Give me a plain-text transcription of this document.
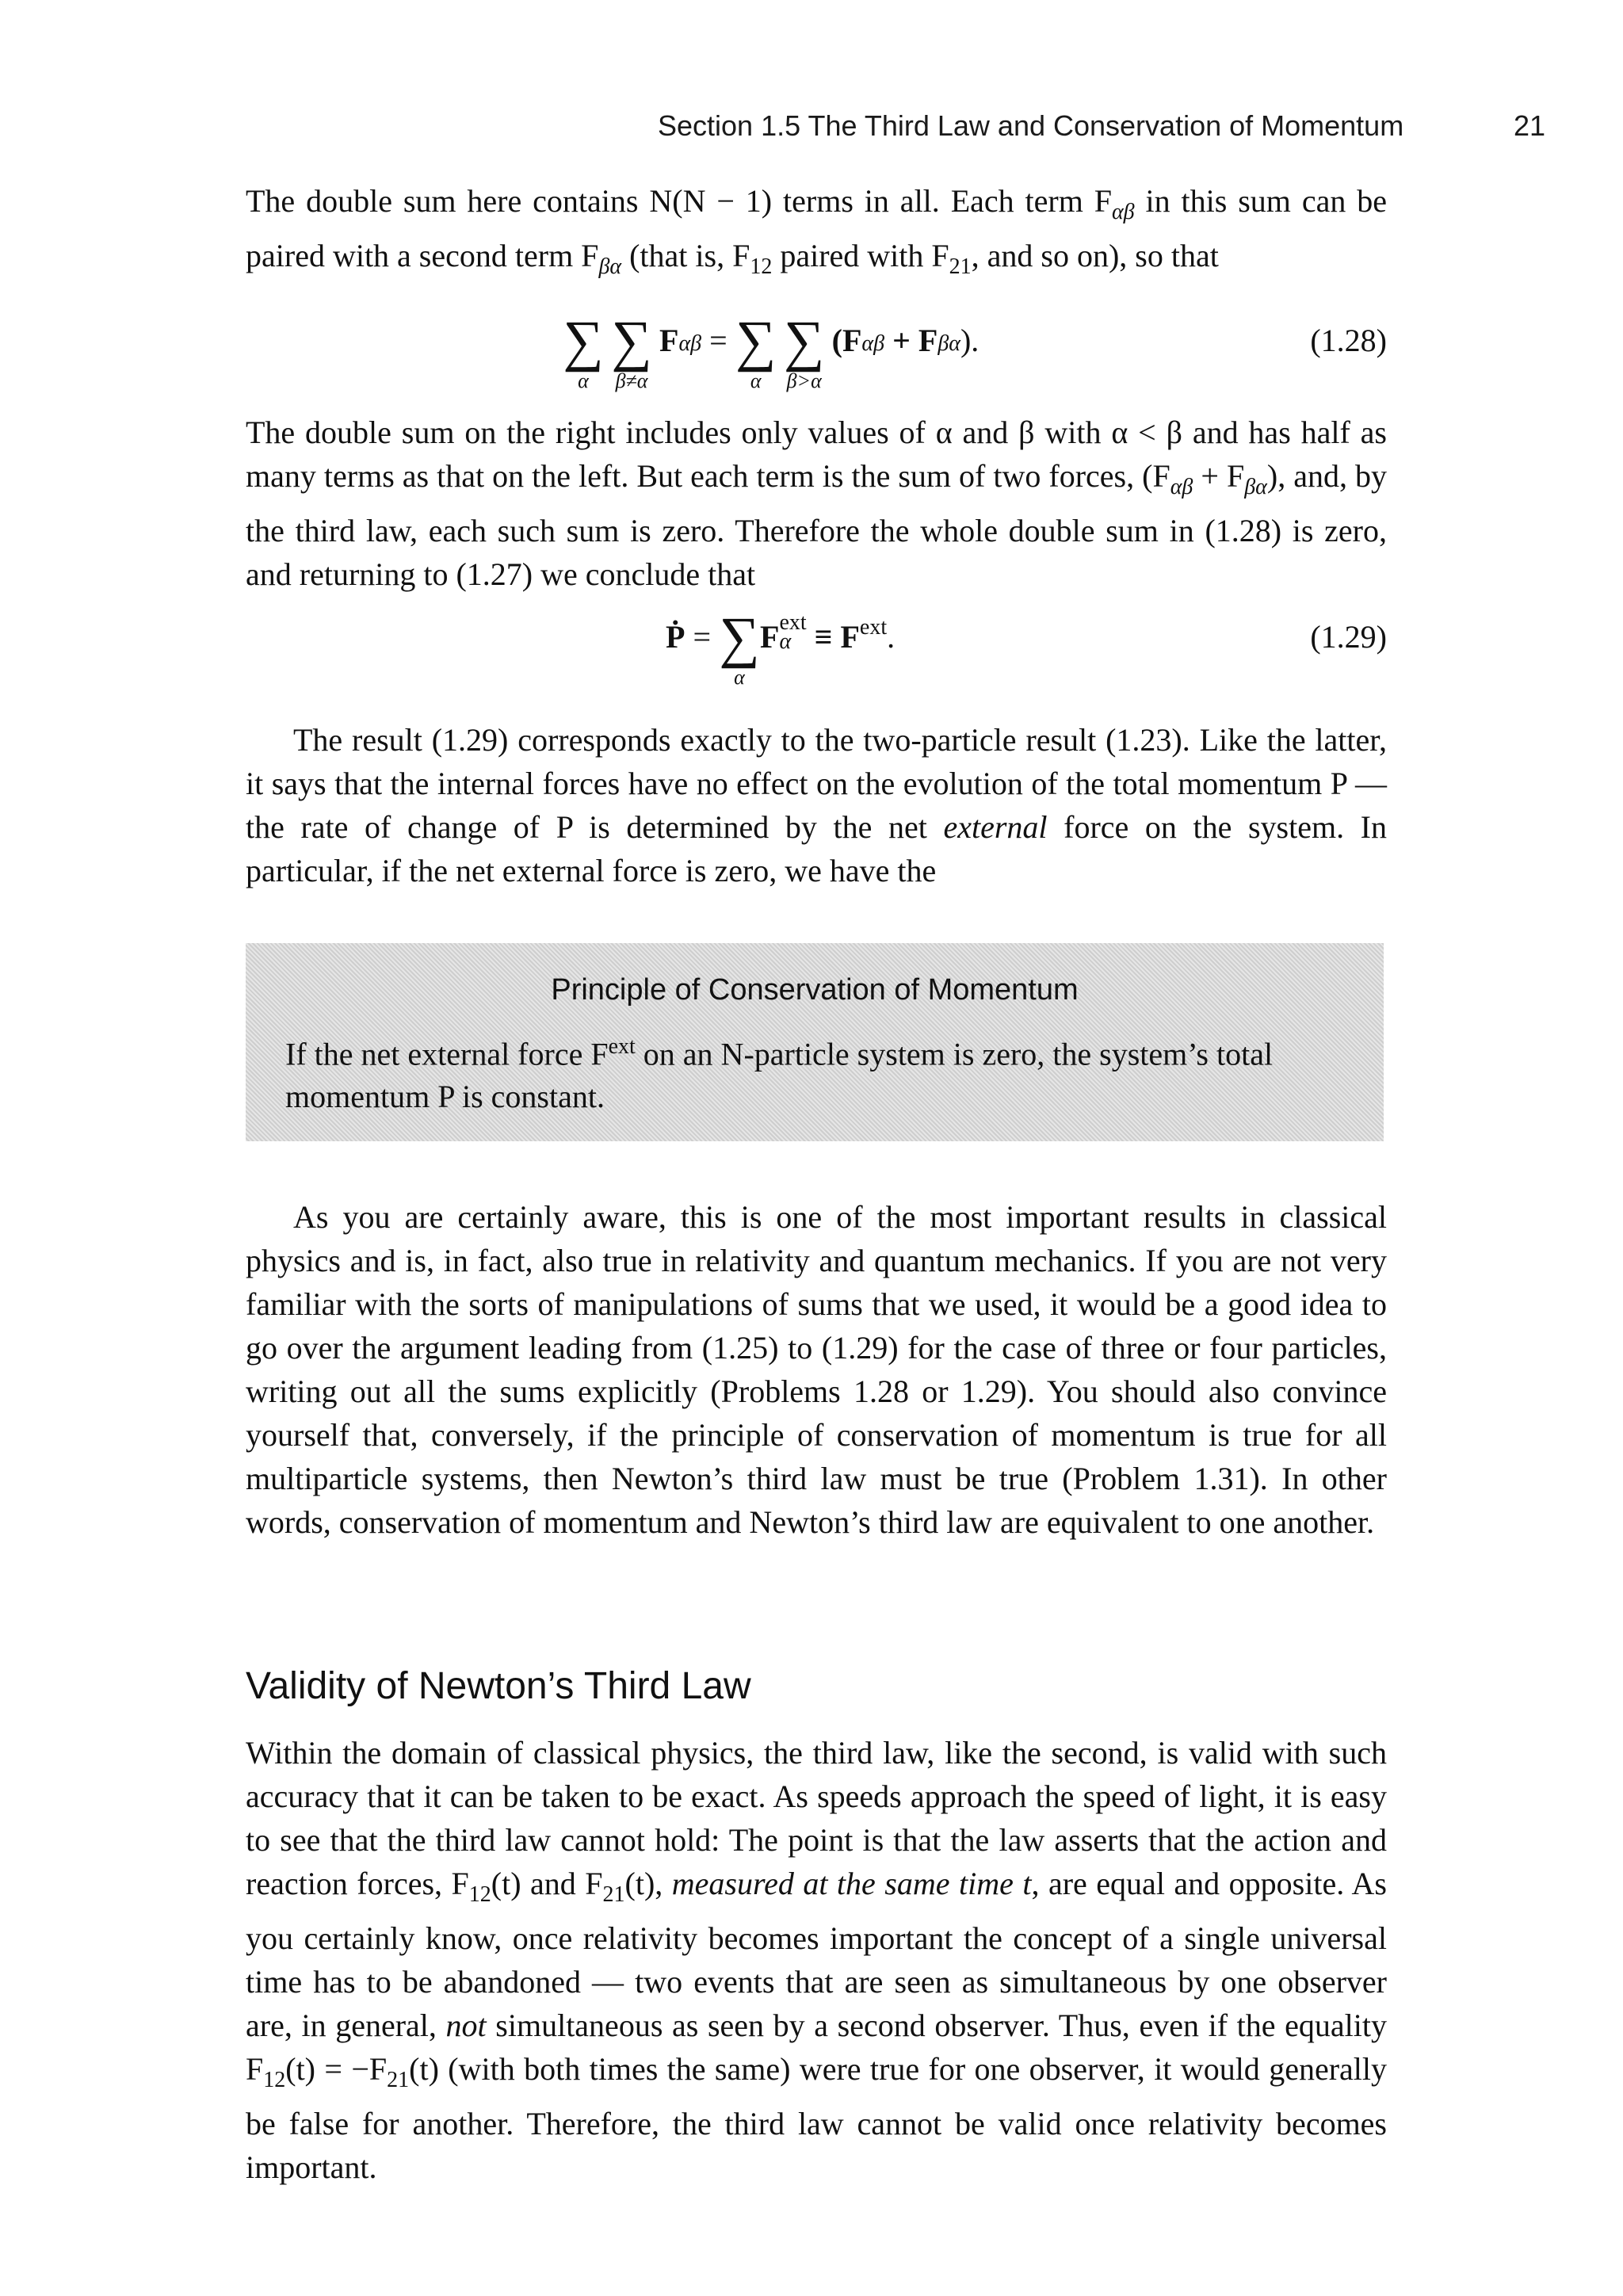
Section 1.5 The Third Law and Conservation of Momentum	21

The double sum here contains N(N − 1) terms in all. Each term $F_{\alpha\beta}$ in this sum can be paired with a second term $F_{\beta\alpha}$ (that is, $F_{12}$ paired with $F_{21}$, and so on), so that

∑
α
∑
β≠α
$F_{\alpha\beta}$ = ∑
α
∑
β>α
$(F_{\alpha\beta} + F_{\beta\alpha})$.	(1.28)

The double sum on the right includes only values of α and β with α < β and has half as many terms as that on the left. But each term is the sum of two forces, $(F_{\alpha\beta} + F_{\beta\alpha})$, and, by the third law, each such sum is zero. Therefore the whole double sum in (1.28) is zero, and returning to (1.27) we conclude that

Ṗ = ∑
α
F ext
$\alpha \equiv F^{ext}$.	(1.29)

The result (1.29) corresponds exactly to the two-particle result (1.23). Like the latter, it says that the internal forces have no effect on the evolution of the total momentum P — the rate of change of P is determined by the net external force on the system. In particular, if the net external force is zero, we have the

Principle of Conservation of Momentum
If the net external force $F^{ext}$ on an N-particle system is zero, the system’s total momentum P is constant.

As you are certainly aware, this is one of the most important results in classical physics and is, in fact, also true in relativity and quantum mechanics. If you are not very familiar with the sorts of manipulations of sums that we used, it would be a good idea to go over the argument leading from (1.25) to (1.29) for the case of three or four particles, writing out all the sums explicitly (Problems 1.28 or 1.29). You should also convince yourself that, conversely, if the principle of conservation of momentum is true for all multiparticle systems, then Newton’s third law must be true (Problem 1.31). In other words, conservation of momentum and Newton’s third law are equivalent to one another.

Validity of Newton’s Third Law

Within the domain of classical physics, the third law, like the second, is valid with such accuracy that it can be taken to be exact. As speeds approach the speed of light, it is easy to see that the third law cannot hold: The point is that the law asserts that the action and reaction forces, $F_{12}(t)$ and $F_{21}(t)$, measured at the same time t, are equal and opposite. As you certainly know, once relativity becomes important the concept of a single universal time has to be abandoned — two events that are seen as simultaneous by one observer are, in general, not simultaneous as seen by a second observer. Thus, even if the equality $F_{12}(t) = -F_{21}(t)$ (with both times the same) were true for one observer, it would generally be false for another. Therefore, the third law cannot be valid once relativity becomes important.
